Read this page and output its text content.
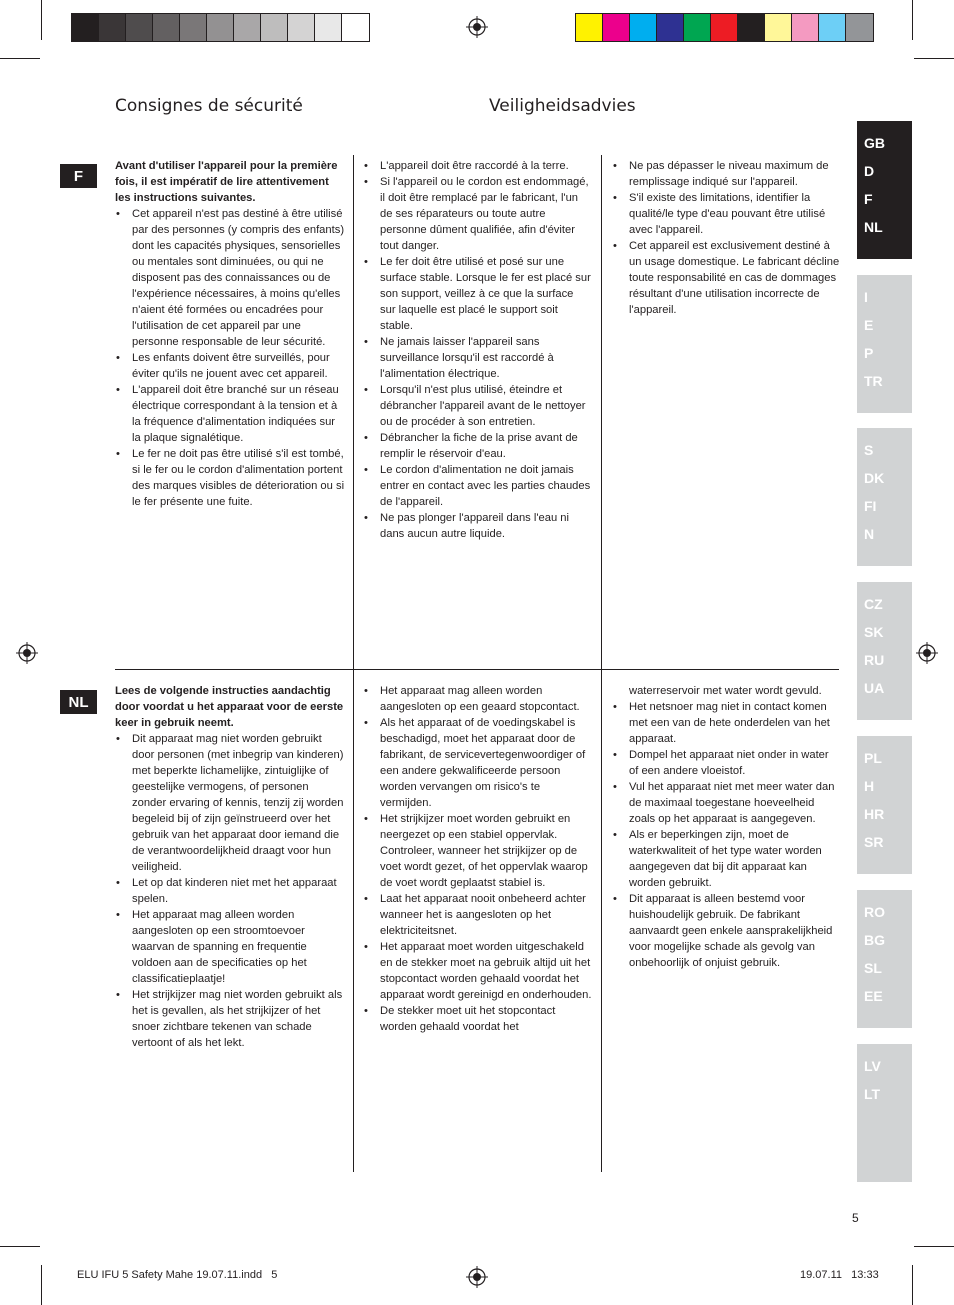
Consignes de sécurité	Veiligheidsadvies
F

Avant d'utiliser l'appareil pour la première fois, il est impératif de lire attentivement les instructions suivantes.

• Cet appareil n'est pas destiné à être utilisé par des personnes (y compris des enfants) dont les capacités physiques, sensorielles ou mentales sont diminuées, ou qui ne disposent pas des connaissances ou de l'expérience nécessaires, à moins qu'elles n'aient été formées ou encadrées pour l'utilisation de cet appareil par une personne responsable de leur sécurité.
• Les enfants doivent être surveillés, pour éviter qu'ils ne jouent avec cet appareil.
• L'appareil doit être branché sur un réseau électrique correspondant à la tension et à la fréquence d'alimentation indiquées sur la plaque signalétique.
• Le fer ne doit pas être utilisé s'il est tombé, si le fer ou le cordon d'alimentation portent des marques visibles de déterioration ou si le fer présente une fuite.
• L'appareil doit être raccordé à la terre.
• Si l'appareil ou le cordon est endommagé, il doit être remplacé par le fabricant, l'un de ses réparateurs ou toute autre personne dûment qualifiée, afin d'éviter tout danger.
• Le fer doit être utilisé et posé sur une surface stable. Lorsque le fer est placé sur son support, veillez à ce que la surface sur laquelle est placé le support soit stable.
• Ne jamais laisser l'appareil sans surveillance lorsqu'il est raccordé à l'alimentation électrique.
• Lorsqu'il n'est plus utilisé, éteindre et débrancher l'appareil avant de le nettoyer ou de procéder à son entretien.
• Débrancher la fiche de la prise avant de remplir le réservoir d'eau.
• Le cordon d'alimentation ne doit jamais entrer en contact avec les parties chaudes de l'appareil.
• Ne pas plonger l'appareil dans l'eau ni dans aucun autre liquide.
• Ne pas dépasser le niveau maximum de remplissage indiqué sur l'appareil.
• S'il existe des limitations, identifier la qualité/le type d'eau pouvant être utilisé avec l'appareil.
• Cet appareil est exclusivement destiné à un usage domestique. Le fabricant décline toute responsabilité en cas de dommages résultant d'une utilisation incorrecte de l'appareil.
NL

Lees de volgende instructies aandachtig door voordat u het apparaat voor de eerste keer in gebruik neemt.

• Dit apparaat mag niet worden gebruikt door personen (met inbegrip van kinderen) met beperkte lichamelijke, zintuiglijke of geestelijke vermogens, of personen zonder ervaring of kennis, tenzij zij worden begeleid bij of zijn geïnstrueerd over het gebruik van het apparaat door iemand die de verantwoordelijkheid draagt voor hun veiligheid.
• Let op dat kinderen niet met het apparaat spelen.
• Het apparaat mag alleen worden aangesloten op een stroomtoevoer waarvan de spanning en frequentie voldoen aan de specificaties op het classificatieplaatje!
• Het strijkijzer mag niet worden gebruikt als het is gevallen, als het strijkijzer of het snoer zichtbare tekenen van schade vertoont of als het lekt.
• Het apparaat mag alleen worden aangesloten op een geaard stopcontact.
• Als het apparaat of de voedingskabel is beschadigd, moet het apparaat door de fabrikant, de servicevertegenwoordiger of een andere gekwalificeerde persoon worden vervangen om risico's te vermijden.
• Het strijkijzer moet worden gebruikt en neergezet op een stabiel oppervlak. Controleer, wanneer het strijkijzer op de voet wordt gezet, of het oppervlak waarop de voet wordt geplaatst stabiel is.
• Laat het apparaat nooit onbeheerd achter wanneer het is aangesloten op het elektriciteitsnet.
• Het apparaat moet worden uitgeschakeld en de stekker moet na gebruik altijd uit het stopcontact worden gehaald voordat het apparaat wordt gereinigd en onderhouden.
• De stekker moet uit het stopcontact worden gehaald voordat het

waterreservoir met water wordt gevuld.

• Het netsnoer mag niet in contact komen met een van de hete onderdelen van het apparaat.
• Dompel het apparaat niet onder in water of een andere vloeistof.
• Vul het apparaat niet met meer water dan de maximaal toegestane hoeveelheid zoals op het apparaat is aangegeven.
• Als er beperkingen zijn, moet de waterkwaliteit of het type water worden aangegeven dat bij dit apparaat kan worden gebruikt.
• Dit apparaat is alleen bestemd voor huishoudelijk gebruik. De fabrikant aanvaardt geen enkele aansprakelijkheid voor mogelijke schade als gevolg van onbehoorlijk of onjuist gebruik.
GB
D
F
NL
I
E
P
TR
S
DK
FI
N
CZ
SK
RU
UA
PL
H
HR
SR
RO
BG
SL
EE
LV
LT
5
ELU IFU 5 Safety Mahe 19.07.11.indd   5	19.07.11   13:33
